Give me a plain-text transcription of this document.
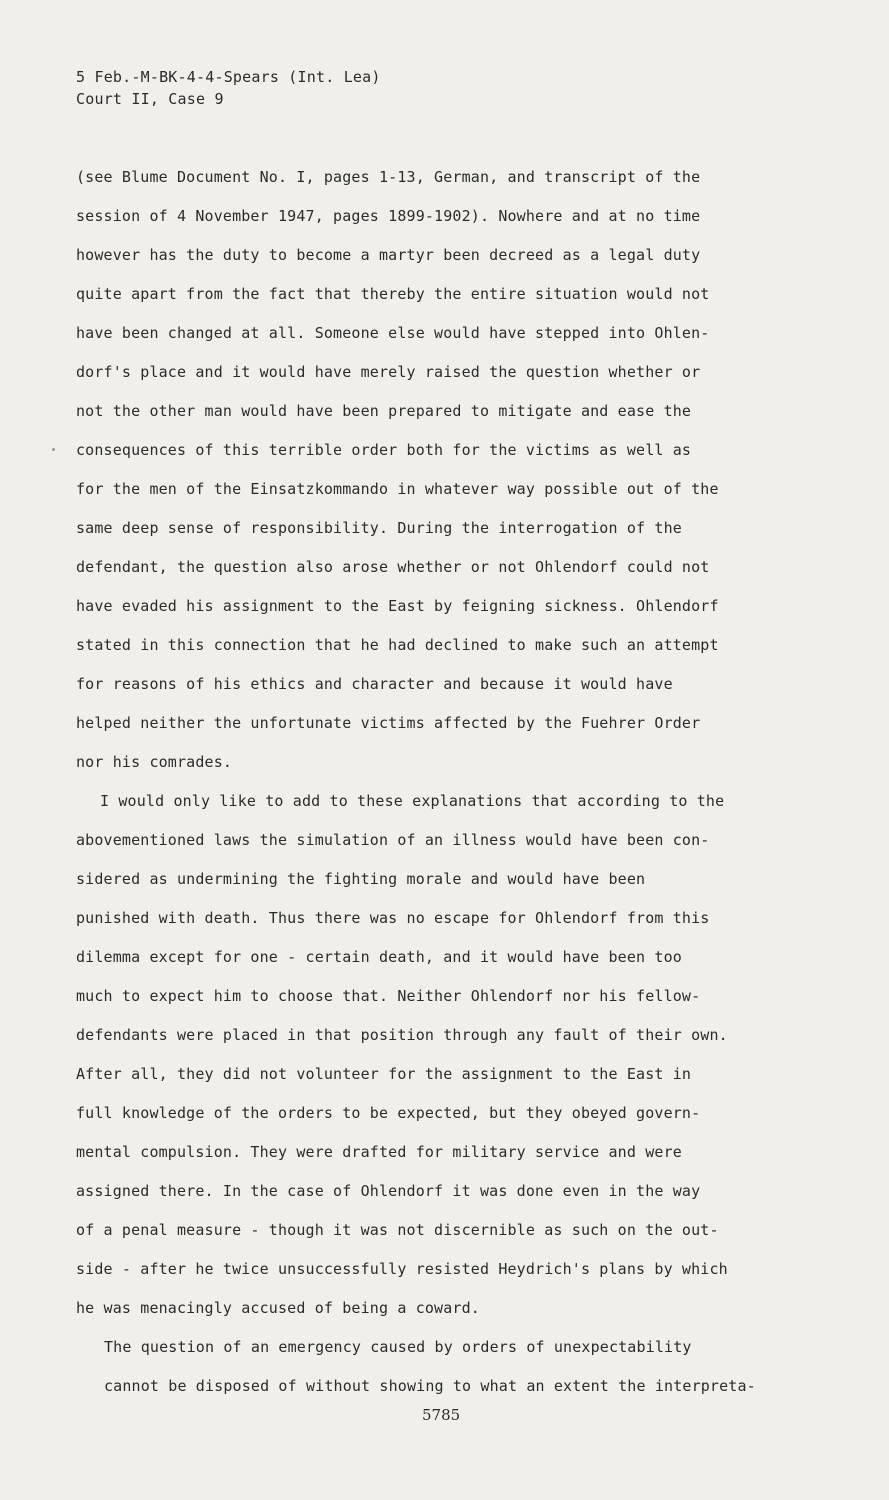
5 Feb.-M-BK-4-4-Spears (Int. Lea)
Court II, Case 9
(see Blume Document No. I, pages 1-13, German, and transcript of the
session of 4 November 1947, pages 1899-1902). Nowhere and at no time
however has the duty to become a martyr been decreed as a legal duty
quite apart from the fact that thereby the entire situation would not
have been changed at all. Someone else would have stepped into Ohlen-
dorf's place and it would have merely raised the question whether or
not the other man would have been prepared to mitigate and ease the
consequences of this terrible order both for the victims as well as
for the men of the Einsatzkommando in whatever way possible out of the
same deep sense of responsibility. During the interrogation of the
defendant, the question also arose whether or not Ohlendorf could not
have evaded his assignment to the East by feigning sickness. Ohlendorf
stated in this connection that he had declined to make such an attempt
for reasons of his ethics and character and because it would have
helped neither the unfortunate victims affected by the Fuehrer Order
nor his comrades.
I would only like to add to these explanations that according to the
abovementioned laws the simulation of an illness would have been con-
sidered as undermining the fighting morale and would have been
punished with death. Thus there was no escape for Ohlendorf from this
dilemma except for one - certain death, and it would have been too
much to expect him to choose that. Neither Ohlendorf nor his fellow-
defendants were placed in that position through any fault of their own.
After all, they did not volunteer for the assignment to the East in
full knowledge of the orders to be expected, but they obeyed govern-
mental compulsion. They were drafted for military service and were
assigned there. In the case of Ohlendorf it was done even in the way
of a penal measure - though it was not discernible as such on the out-
side - after he twice unsuccessfully resisted Heydrich's plans by which
he was menacingly accused of being a coward.
The question of an emergency caused by orders of unexpectability
cannot be disposed of without showing to what an extent the interpreta-
5785
